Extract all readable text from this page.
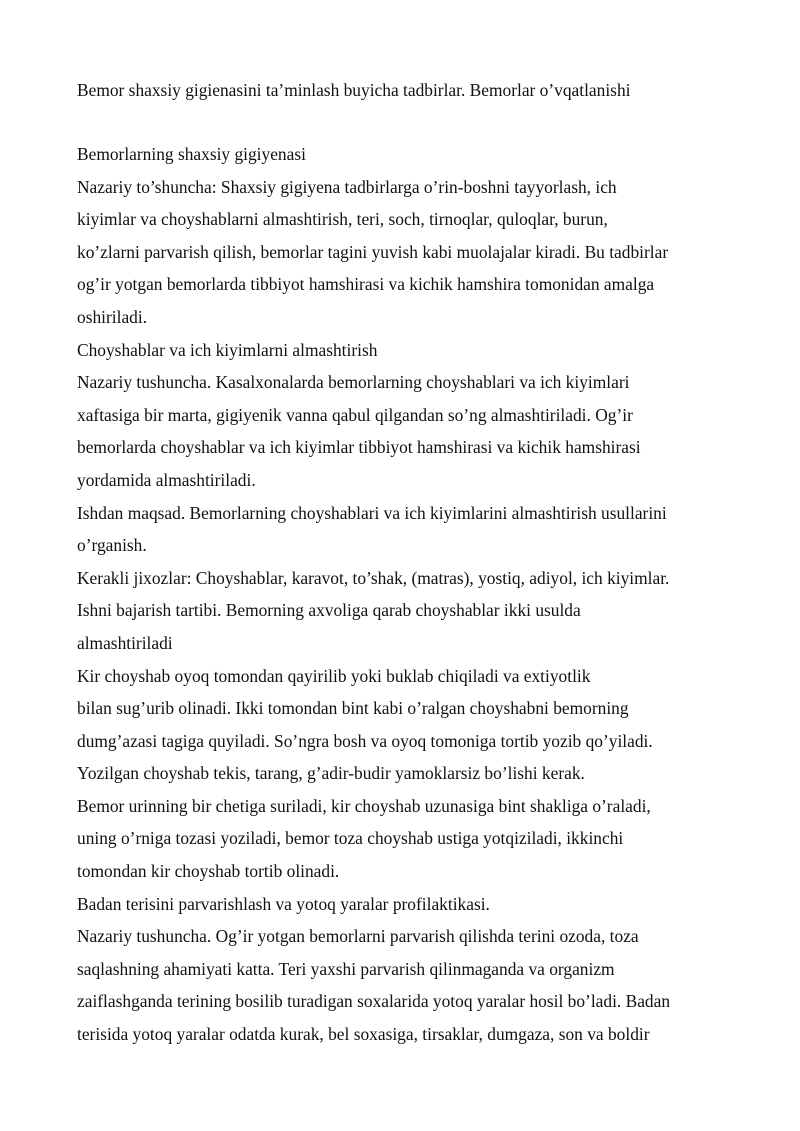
Bemor shaxsiy gigienasini ta’minlash buyicha tadbirlar. Bemorlar o’vqatlanishi

Bemorlarning shaxsiy gigiyenasi

Nazariy to’shuncha: Shaxsiy gigiyena tadbirlarga o’rin-boshni tayyorlash, ich

kiyimlar va choyshablarni almashtirish, teri, soch, tirnoqlar, quloqlar, burun,

ko’zlarni parvarish qilish, bemorlar tagini yuvish kabi muolajalar kiradi. Bu tadbirlar

og’ir yotgan bemorlarda tibbiyot hamshirasi va kichik hamshira tomonidan amalga

oshiriladi.

Choyshablar va ich kiyimlarni almashtirish

Nazariy tushuncha. Kasalxonalarda bemorlarning choyshablari va ich kiyimlari

xaftasiga bir marta, gigiyenik vanna qabul qilgandan so’ng almashtiriladi. Og’ir

bemorlarda choyshablar va ich kiyimlar tibbiyot hamshirasi va kichik hamshirasi

yordamida almashtiriladi.

Ishdan maqsad. Bemorlarning choyshablari va ich kiyimlarini almashtirish usullarini

o’rganish.

Kerakli jixozlar: Choyshablar, karavot, to’shak, (matras), yostiq, adiyol, ich kiyimlar.

Ishni bajarish tartibi. Bemorning axvoliga qarab choyshablar ikki usulda

almashtiriladi

Kir choyshab oyoq tomondan qayirilib yoki buklab chiqiladi va extiyotlik

bilan sug’urib olinadi. Ikki tomondan bint kabi o’ralgan choyshabni bemorning

dumg’azasi tagiga quyiladi. So’ngra bosh va oyoq tomoniga tortib yozib qo’yiladi.

Yozilgan choyshab tekis, tarang, g’adir-budir yamoklarsiz bo’lishi kerak.

Bemor urinning bir chetiga suriladi, kir choyshab uzunasiga bint shakliga o’raladi,

uning o’rniga tozasi yoziladi, bemor toza choyshab ustiga yotqiziladi, ikkinchi

tomondan kir choyshab tortib olinadi.

Badan terisini parvarishlash va yotoq yaralar profilaktikasi.

Nazariy tushuncha. Og’ir yotgan bemorlarni parvarish qilishda terini ozoda, toza

saqlashning ahamiyati katta. Teri yaxshi parvarish qilinmaganda va organizm

zaiflashganda terining bosilib turadigan soxalarida yotoq yaralar hosil bo’ladi. Badan

terisida yotoq yaralar odatda kurak, bel soxasiga, tirsaklar, dumgaza, son va boldir
